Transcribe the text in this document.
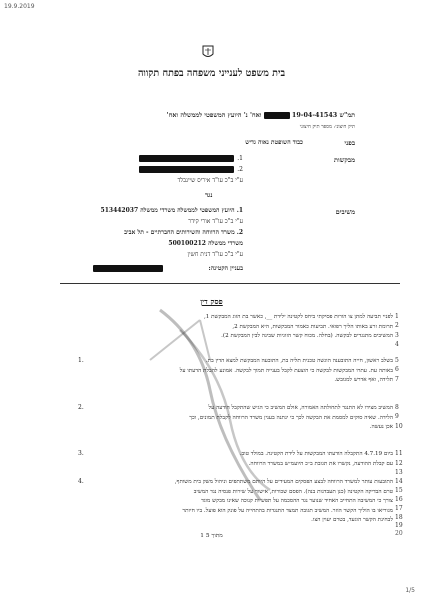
19.9.2019
בית משפט לענייני משפחה בפתח תקווה
תמ"ש 19-04-41543  ואח' נ' היועץ המשפטי לממשלה ואח'
תיק חיצוני: מספר תיק חיצוני
בפני
כבוד השופטת נאוה גדיש
מבקשות
1.
2.
ע"י ב"כ עו"ד איריס שיינבלד
נגד
משיבים
1. היועץ המשפטי לממשלה משרדי ממשלה 513442037
ע"י ב"כ עו"ד אורי קידר
2. משרד הרווחה והשירותים החברתיים - תל אביב
משרדי ממשלה 500100212
ע"י ב"כ עו"ד דנית חשין
בעניין הקטינה:
פסק דין
לפניי תביעה למתן צו הורות פסיקתי ביחס לקטינה ילידת __, כאשר בת הזוג המבקשת 1,
תרומת זרע באותו הליך רפואי. תביעות כאמור המבקשות, היא המבקשת 2,
המשיבים מתנגדים לבקשה. (בחלה. מכוח קשר הזוגיות שבינה לבין המבקשת 2).
1.	בשלב ראשון, חייה התובענה הוגשה טכנית תליה בת, התובעה המבקשת למצא הדין בת.
באותה עת. עתרו המבקשות לבקשה כי הוצעת לקבל בענייה תמוך לבקשה. אמונע להבלת הדעתו על
תלידה, ואף אדרש למגובש.
2.	המשיב מצידו לא התנגד לתחולתה האמורה, אולם המשיב כי הגיש שהתקבל הודעה על
הלידה. שאיה סוקים למסמת את הבקשה לכך כי ינתנה בענין משרד הרווחה לקבלת תמונים, וכך
אכן נעשה.
3.	ביום 4.7.19 התקבלה הודעתו המבקשות על לידת הקטינה. במולד טוב.
עם קבלת ההודעה, נקשרו את תגובת ב״כ היועמ״ש במשרד הרווחה.
4.	התובעות עותר למשרד הרווחה לבצע הפסקים המעידים על היותם משתתפים וניהול משק בית משותף,
טרם הבדיקה הקטינה (כנן תעבדנות בנה). הפסם שכורות, אישור על שירות פנסיה נגד המשיב
צורך כי המשיבה התחייב האחיד שנוער נגד ההסכמה על תפשיות קנוכה שאינו מבקש מוגד
מגוריאו בו הוליך הקשר הוזר. המשיב תגובה תמצד התנגדות בהתחייה על פונק הוא פועל. ביו חיותר
לבחינת הקשר הוגעד, בטרם יעוין הצו.
1
2
3
4
5
6
7
8
9
10
11
12
13
14
15
16
17
18
19
20
1 מתוך 5
1/5
